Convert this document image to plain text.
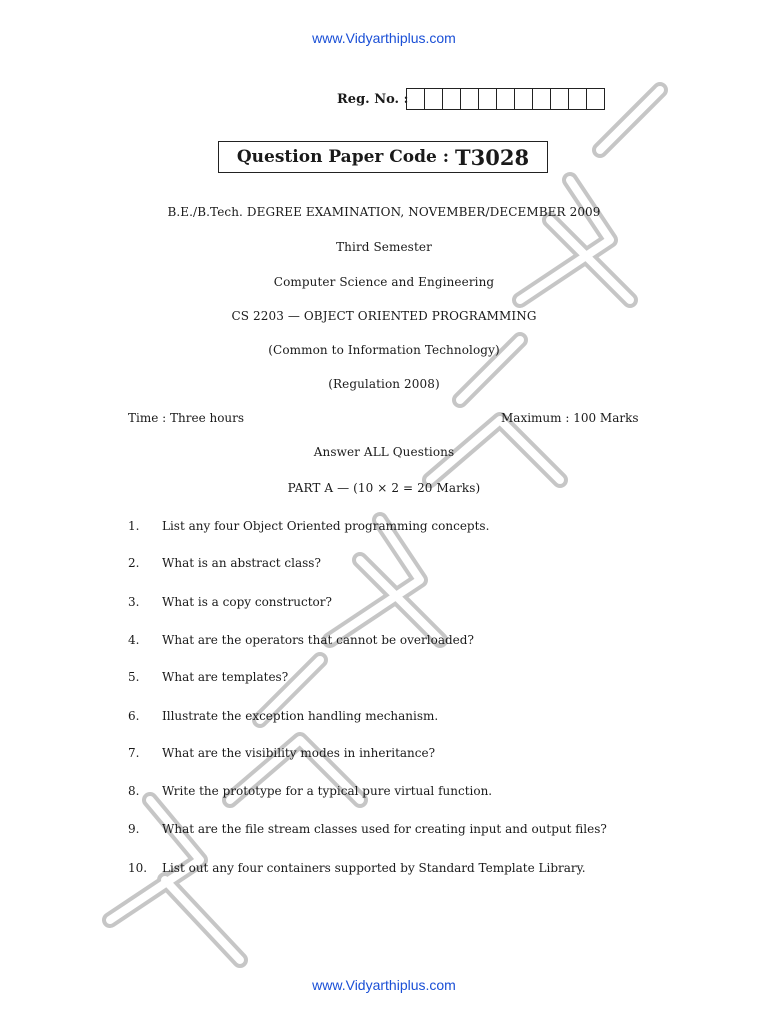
www.Vidyarthiplus.com
Reg. No. :
Question Paper Code : T3028
B.E./B.Tech. DEGREE EXAMINATION, NOVEMBER/DECEMBER 2009
Third Semester
Computer Science and Engineering
CS 2203 — OBJECT ORIENTED PROGRAMMING
(Common to Information Technology)
(Regulation 2008)
Time : Three hours	Maximum : 100 Marks
Answer ALL Questions
PART A — (10 × 2 = 20 Marks)
1.	List any four Object Oriented programming concepts.
2.	What is an abstract class?
3.	What is a copy constructor?
4.	What are the operators that cannot be overloaded?
5.	What are templates?
6.	Illustrate the exception handling mechanism.
7.	What are the visibility modes in inheritance?
8.	Write the prototype for a typical pure virtual function.
9.	What are the file stream classes used for creating input and output files?
10.	List out any four containers supported by Standard Template Library.
www.Vidyarthiplus.com
